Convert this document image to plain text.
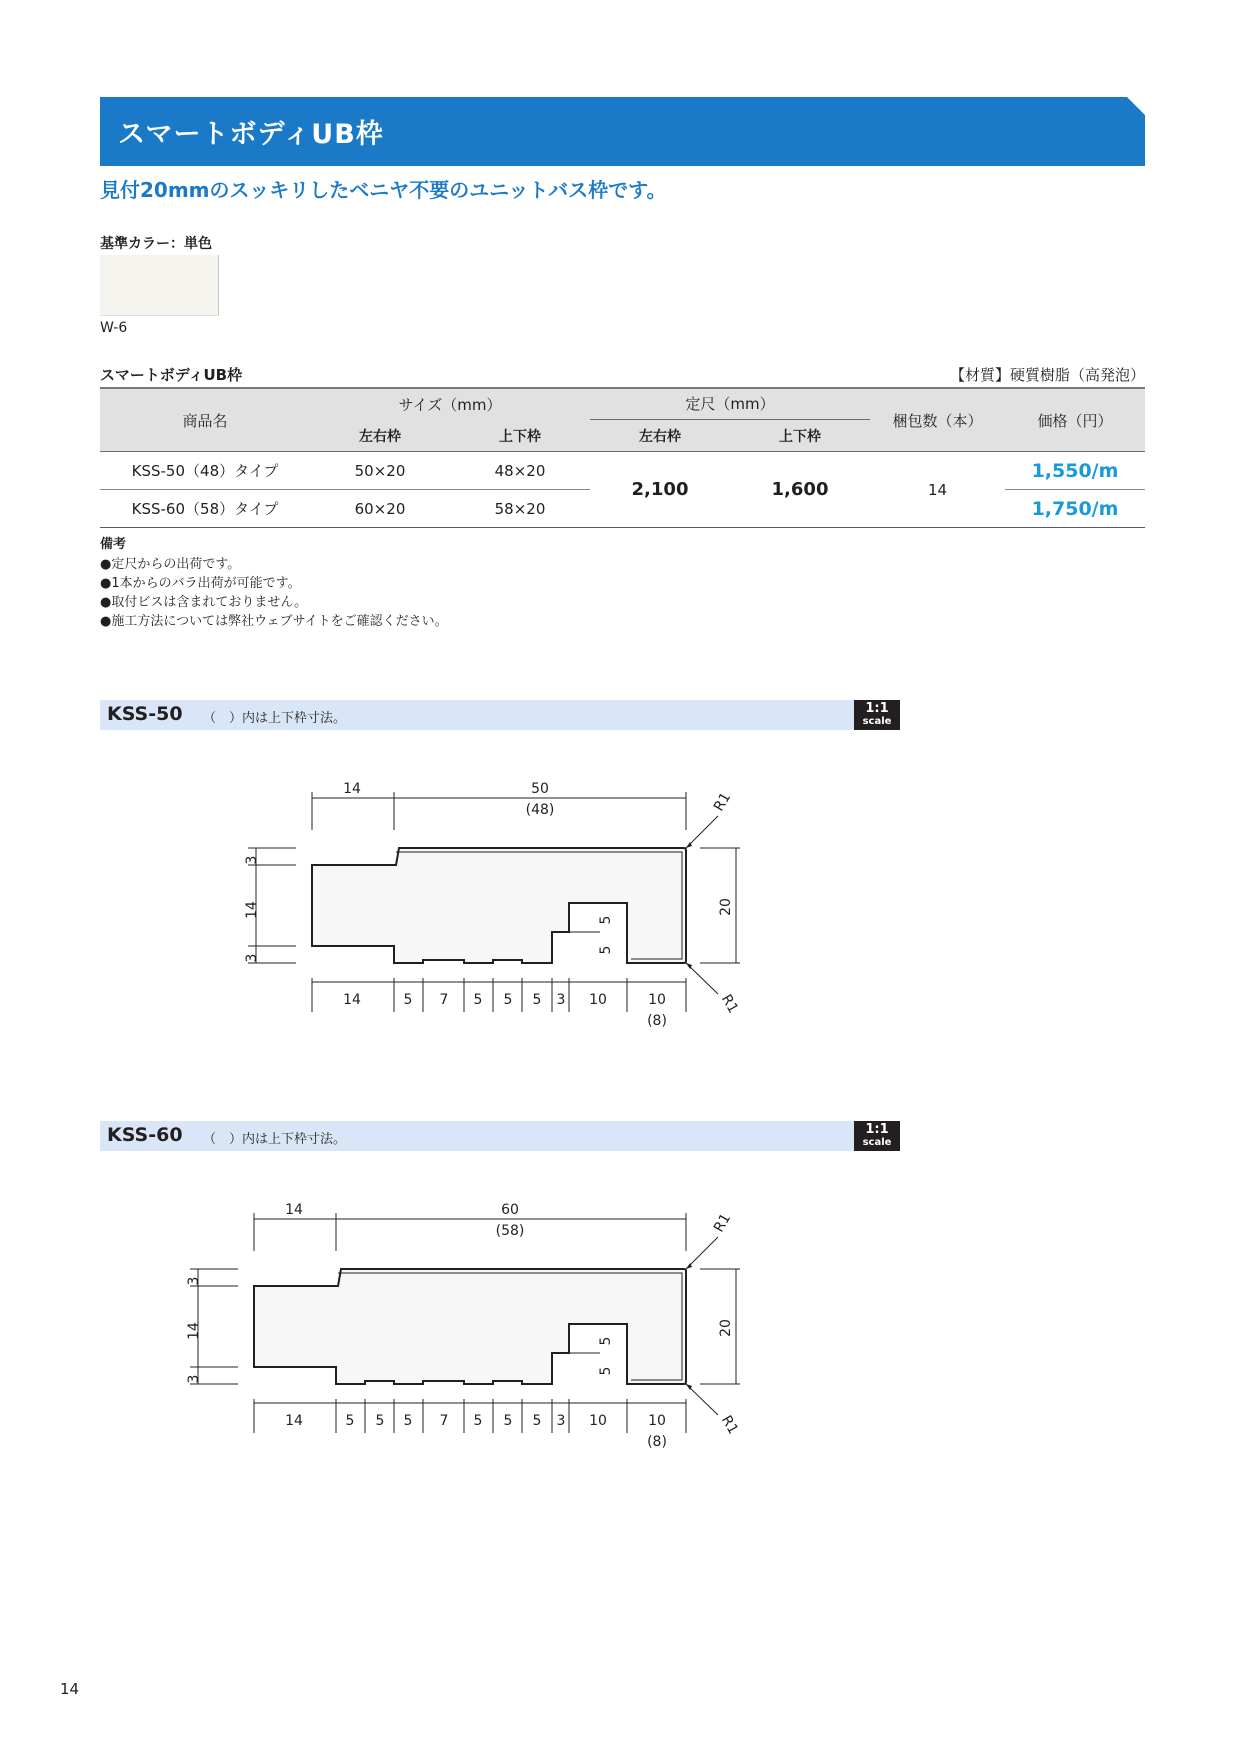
スマートボディUB枠
見付20mmのスッキリしたベニヤ不要のユニットバス枠です。
基準カラー：単色
W-6
スマートボディUB枠	【材質】硬質樹脂（高発泡）
商品名	サイズ（mm）		定尺（mm）		梱包数（本）	価格（円）
	左右枠	上下枠	左右枠	上下枠		
KSS-50（48）タイプ	50×20	48×20	2,100	1,600	14	1,550/m
KSS-60（58）タイプ	60×20	58×20				1,750/m
備考
●定尺からの出荷です。
●1本からのバラ出荷が可能です。
●取付ビスは含まれておりません。
●施工方法については弊社ウェブサイトをご確認ください。
KSS-50 （　）内は上下枠寸法。
1:1
scale
14	50
(48)
3
14
3
20
R1
R1
5
5
14	5 7 5 5 5 3 10	10
(8)
KSS-60 （　）内は上下枠寸法。
1:1
scale
14	60
(58)
3
14
3
20
R1
R1
5
5
14	5 5 5 7 5 5 5 3 10	10
(8)
14
